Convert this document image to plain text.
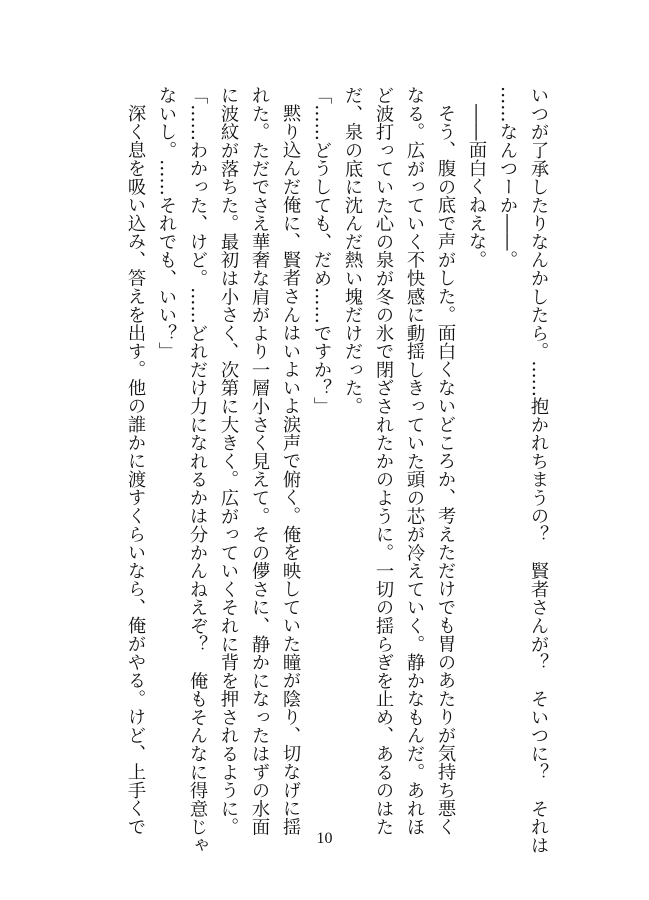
いつが了承したりなんかしたら。……抱かれちまうの？　賢者さんが？　そいつに？　それは
……なんつーか――。
――面白くねえな。
そう、腹の底で声がした。面白くないどころか、考えただけでも胃のあたりが気持ち悪く
なる。広がっていく不快感に動揺しきっていた頭の芯が冷えていく。静かなもんだ。あれほ
ど波打っていた心の泉が冬の氷で閉ざされたかのように。一切の揺らぎを止め、あるのはた
だ、泉の底に沈んだ熱い塊だけだった。
「……どうしても、だめ……ですか？」
黙り込んだ俺に、賢者さんはいよいよ涙声で俯く。俺を映していた瞳が陰り、切なげに揺
れた。ただでさえ華奢な肩がより一層小さく見えて。その儚さに、静かになったはずの水面
に波紋が落ちた。最初は小さく、次第に大きく。広がっていくそれに背を押されるように。
「……わかった、けど。……どれだけ力になれるかは分かんねえぞ？　俺もそんなに得意じゃ
ないし。……それでも、いい？」
深く息を吸い込み、答えを出す。他の誰かに渡すくらいなら、俺がやる。けど、上手くで
10
